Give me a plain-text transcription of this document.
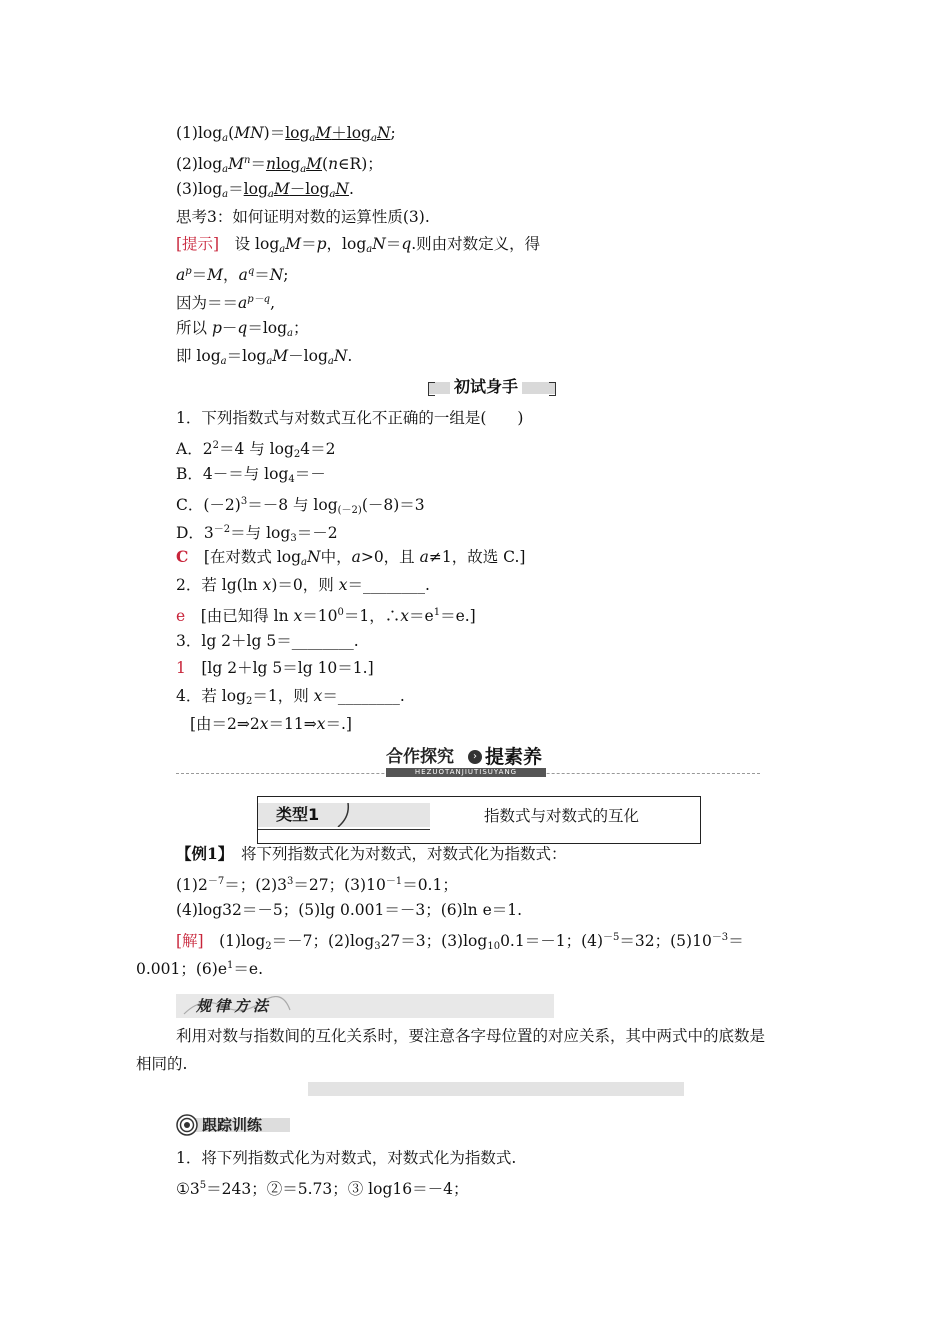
$(1)\log_a(MN)=\log_aM+\log_aN$;
$(2)\log_aM^n=nlog_aM(n\in R)$；
$(3)\log_a=\log_aM-\log_aN$.
思考3：如何证明对数的运算性质(3).
[提示]　设 $\log_aM=p$，$\log_aN=q$.则由对数定义，得
$a^p=M$，$a^q=N$;
因为$==a^{p-q}$,
所以 $p-q=\log_a$；
即 $\log_a=\log_aM-\log_aN$.
初试身手
1．下列指数式与对数式互化不正确的一组是(　　)
A．$2^2=4$ 与 $\log_24=2$
B．4－＝与 $\log_4=-$
C．$(-2)^3=-8$ 与 $\log_{(-2)}(-8)=3$
D．$3^{-2}=$与 $\log_3=-2$
C　[在对数式 $\log_aN$中，a>0，且 a≠1，故选 C.]
2．若 lg(ln x)＝0，则 x＝________.
e　[由已知得 $\ln x=10^0=1$，$\therefore x=e^1=e$.]
3．lg 2＋lg 5＝________.
1　[lg 2＋lg 5＝lg 10＝1.]
4．若 $\log_2=1$，则 x＝________.
[由＝2⇒2x＝11⇒x＝.]
合作探究	› 提素养
HEZUOTANJIUTISUYANG
类型1	指数式与对数式的互化
【例1】　将下列指数式化为对数式，对数式化为指数式：
$(1)2^{-7}=$；$(2)3^3=27$；$(3)10^{-1}=0.1$；
(4)log32＝－5；(5)lg 0.001＝－3；(6)ln e＝1.
[解]　$(1)\log_2=-7$；$(2)\log_327=3$；$(3)\log_{10}0.1=-1$；$(4)^{-5}=32$；$(5)10^{-3}=$
0.001；$(6)e^1=e$.
规律方法
利用对数与指数间的互化关系时，要注意各字母位置的对应关系，其中两式中的底数是
相同的.
跟踪训练
1．将下列指数式化为对数式，对数式化为指数式.
$①3^5=243$；②＝5.73；③ log16＝－4；
